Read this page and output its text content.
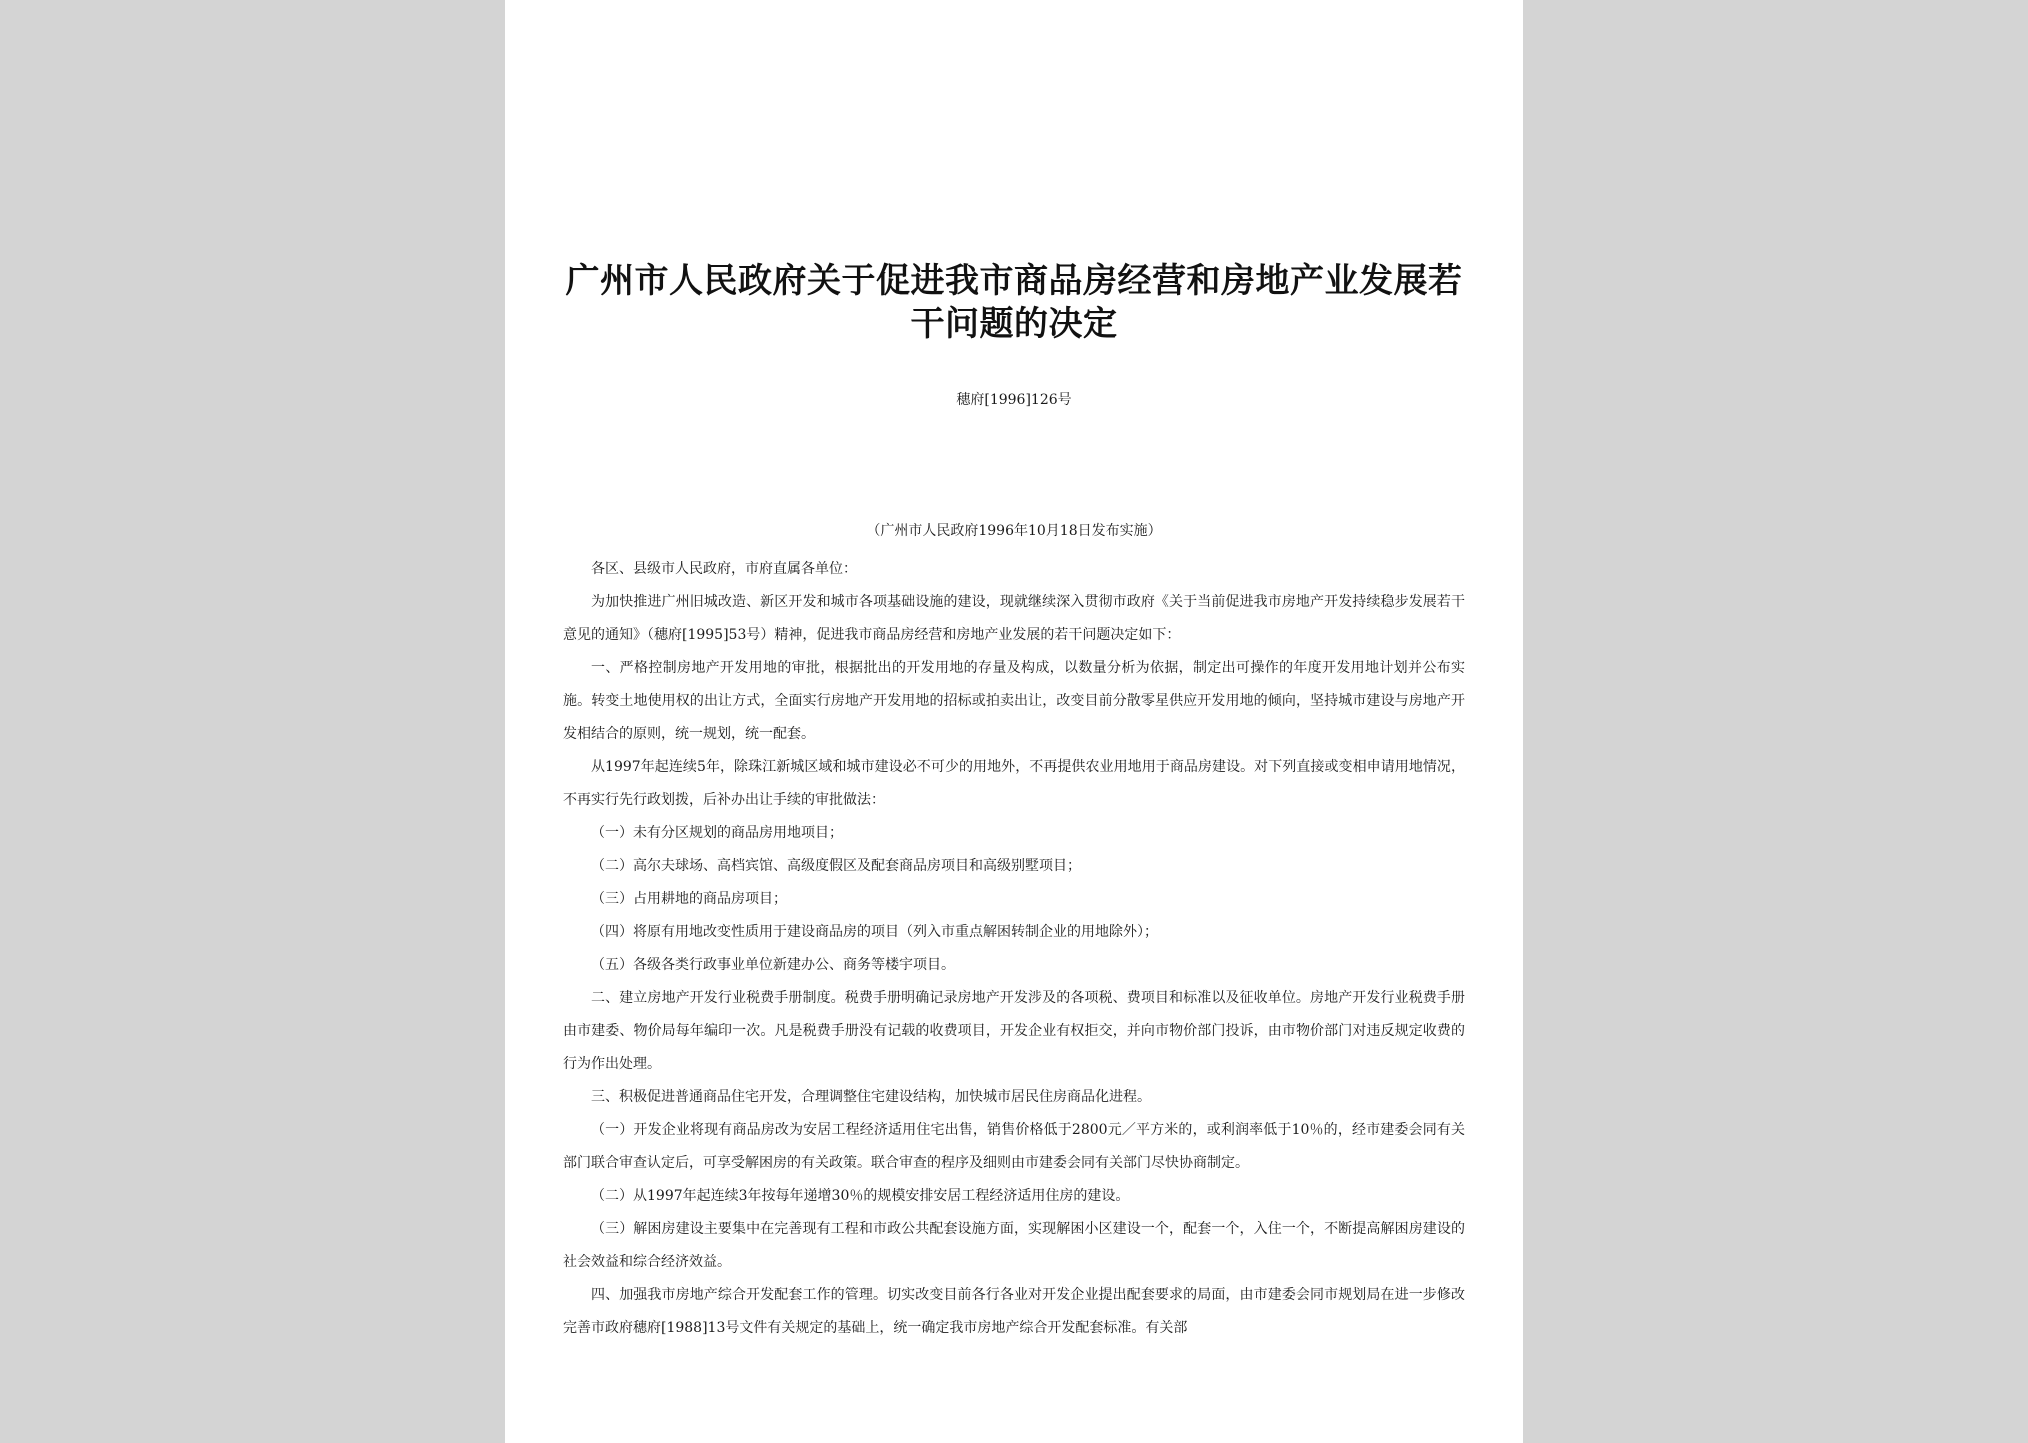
广州市人民政府关于促进我市商品房经营和房地产业发展若干问题的决定
穗府[1996]126号
（广州市人民政府1996年10月18日发布实施）

各区、县级市人民政府，市府直属各单位：

为加快推进广州旧城改造、新区开发和城市各项基础设施的建设，现就继续深入贯彻市政府《关于当前促进我市房地产开发持续稳步发展若干意见的通知》（穗府[1995]53号）精神，促进我市商品房经营和房地产业发展的若干问题决定如下：

一、严格控制房地产开发用地的审批，根据批出的开发用地的存量及构成，以数量分析为依据，制定出可操作的年度开发用地计划并公布实施。转变土地使用权的出让方式，全面实行房地产开发用地的招标或拍卖出让，改变目前分散零星供应开发用地的倾向，坚持城市建设与房地产开发相结合的原则，统一规划，统一配套。

从1997年起连续5年，除珠江新城区域和城市建设必不可少的用地外，不再提供农业用地用于商品房建设。对下列直接或变相申请用地情况，不再实行先行政划拨，后补办出让手续的审批做法：

（一）未有分区规划的商品房用地项目；

（二）高尔夫球场、高档宾馆、高级度假区及配套商品房项目和高级别墅项目；

（三）占用耕地的商品房项目；

（四）将原有用地改变性质用于建设商品房的项目（列入市重点解困转制企业的用地除外）；

（五）各级各类行政事业单位新建办公、商务等楼宇项目。

二、建立房地产开发行业税费手册制度。税费手册明确记录房地产开发涉及的各项税、费项目和标准以及征收单位。房地产开发行业税费手册由市建委、物价局每年编印一次。凡是税费手册没有记载的收费项目，开发企业有权拒交，并向市物价部门投诉，由市物价部门对违反规定收费的行为作出处理。

三、积极促进普通商品住宅开发，合理调整住宅建设结构，加快城市居民住房商品化进程。

（一）开发企业将现有商品房改为安居工程经济适用住宅出售，销售价格低于2800元／平方米的，或利润率低于10％的，经市建委会同有关部门联合审查认定后，可享受解困房的有关政策。联合审查的程序及细则由市建委会同有关部门尽快协商制定。

（二）从1997年起连续3年按每年递增30％的规模安排安居工程经济适用住房的建设。

（三）解困房建设主要集中在完善现有工程和市政公共配套设施方面，实现解困小区建设一个，配套一个，入住一个，不断提高解困房建设的社会效益和综合经济效益。

四、加强我市房地产综合开发配套工作的管理。切实改变目前各行各业对开发企业提出配套要求的局面，由市建委会同市规划局在进一步修改完善市政府穗府[1988]13号文件有关规定的基础上，统一确定我市房地产综合开发配套标准。有关部
